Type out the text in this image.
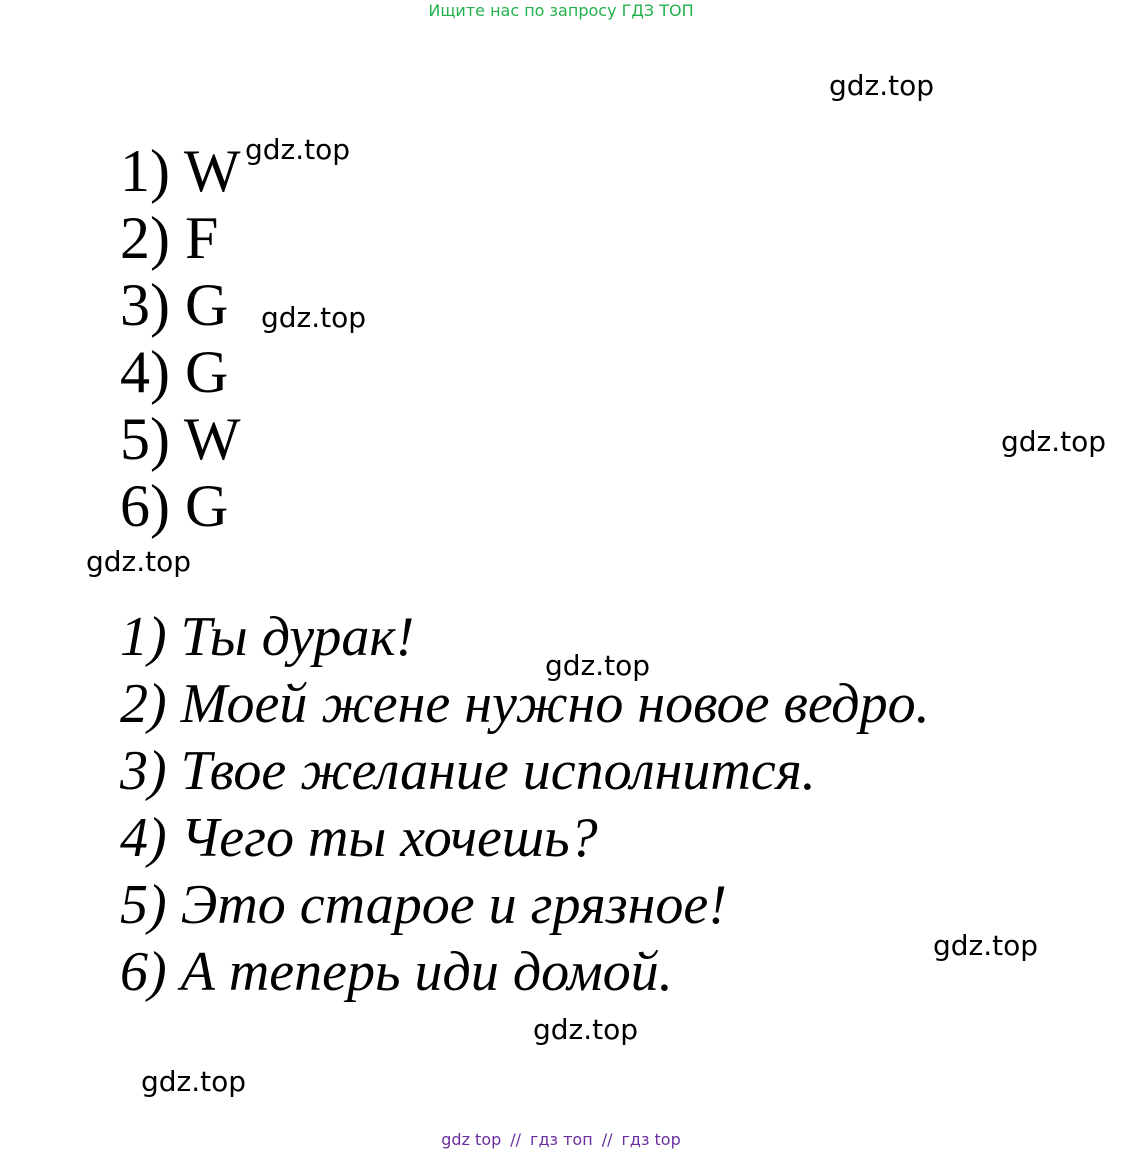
Ищите нас по запросу ГДЗ ТОП
gdz.top
gdz.top
gdz.top
gdz.top
gdz.top
gdz.top
gdz.top
gdz.top
gdz.top
1) W
2) F
3) G
4) G
5) W
6) G
1) Ты дурак!
2) Моей жене нужно новое ведро.
3) Твое желание исполнится.
4) Чего ты хочешь?
5) Это старое и грязное!
6) А теперь иди домой.
gdz top // гдз топ // гдз top
